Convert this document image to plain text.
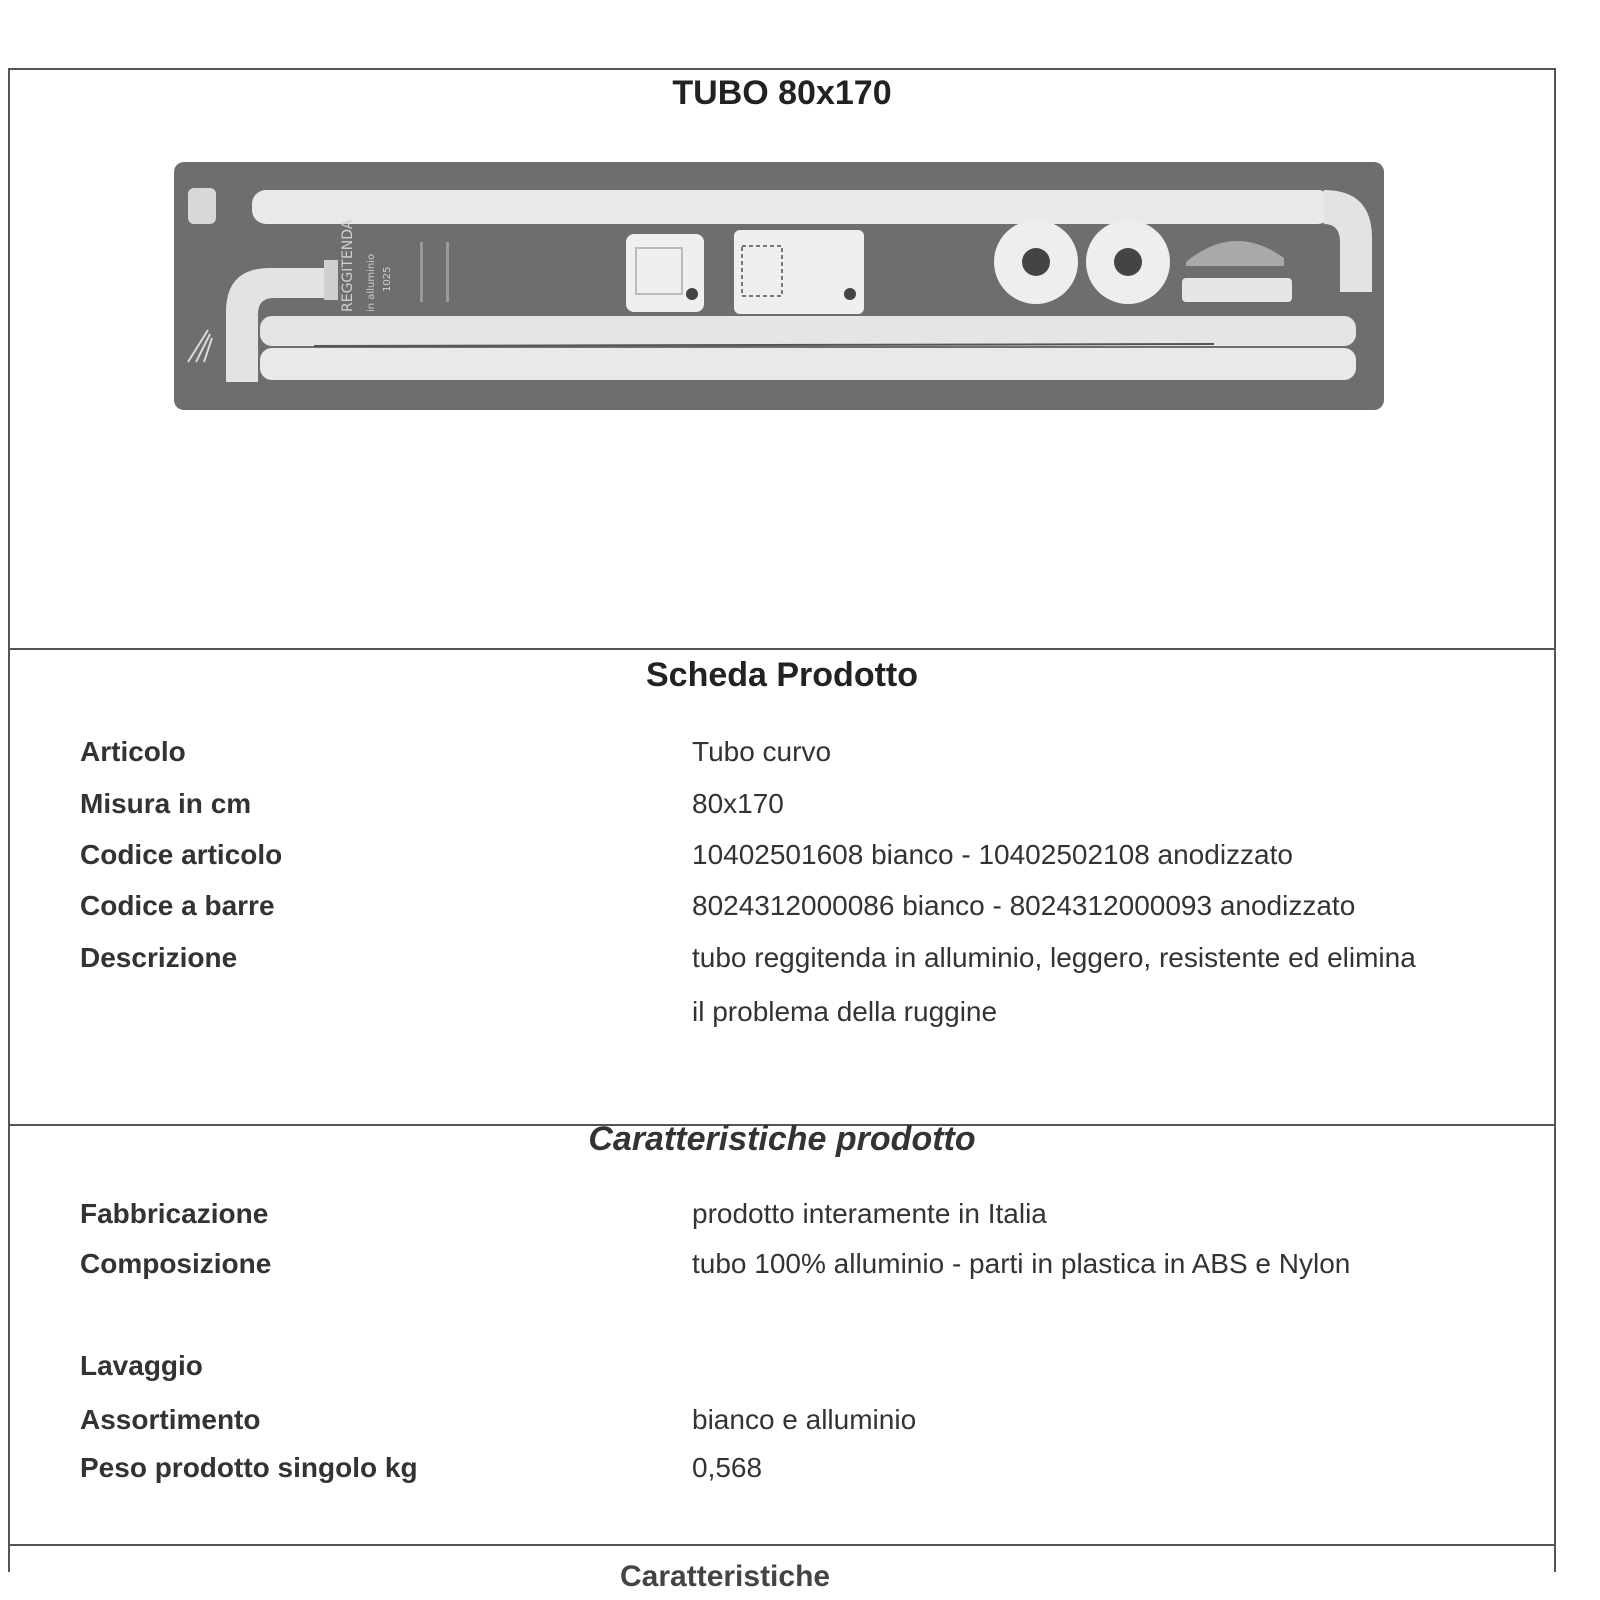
TUBO 80x170
REGGITENDA in alluminio 1025
Scheda Prodotto
Articolo	Tubo curvo
Misura in cm	80x170
Codice articolo	10402501608 bianco - 10402502108 anodizzato
Codice a barre	8024312000086 bianco - 8024312000093 anodizzato
Descrizione	tubo reggitenda in alluminio, leggero, resistente ed elimina
il problema della ruggine
Caratteristiche prodotto
Fabbricazione	prodotto interamente in Italia
Composizione	tubo 100% alluminio - parti in plastica in ABS e Nylon
Lavaggio
Assortimento	bianco e alluminio
Peso prodotto singolo kg	0,568
Caratteristiche
